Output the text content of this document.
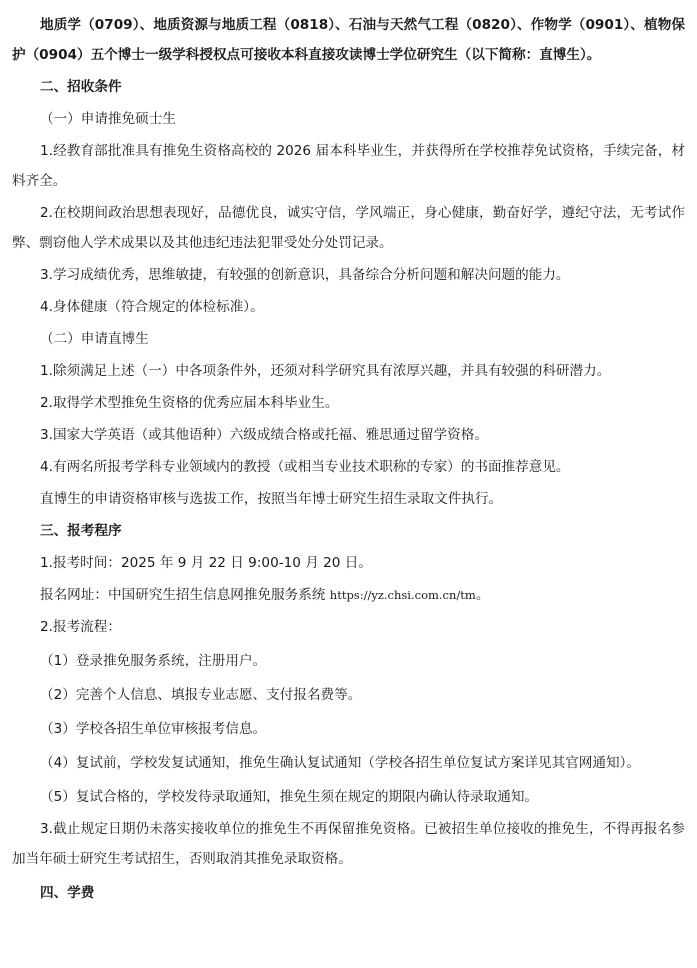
地质学（0709）、地质资源与地质工程（0818）、石油与天然气工程（0820）、作物学（0901）、植物保护（0904）五个博士一级学科授权点可接收本科直接攻读博士学位研究生（以下简称：直博生）。

二、招收条件

（一）申请推免硕士生

1.经教育部批准具有推免生资格高校的 2026 届本科毕业生，并获得所在学校推荐免试资格，手续完备，材料齐全。

2.在校期间政治思想表现好，品德优良，诚实守信，学风端正，身心健康，勤奋好学，遵纪守法，无考试作弊、剽窃他人学术成果以及其他违纪违法犯罪受处分处罚记录。

3.学习成绩优秀，思维敏捷，有较强的创新意识，具备综合分析问题和解决问题的能力。

4.身体健康（符合规定的体检标准）。

（二）申请直博生

1.除须满足上述（一）中各项条件外，还须对科学研究具有浓厚兴趣，并具有较强的科研潜力。

2.取得学术型推免生资格的优秀应届本科毕业生。

3.国家大学英语（或其他语种）六级成绩合格或托福、雅思通过留学资格。

4.有两名所报考学科专业领域内的教授（或相当专业技术职称的专家）的书面推荐意见。

直博生的申请资格审核与选拔工作，按照当年博士研究生招生录取文件执行。

三、报考程序

1.报考时间：2025 年 9 月 22 日 9:00-10 月 20 日。

报名网址：中国研究生招生信息网推免服务系统 https://yz.chsi.com.cn/tm。

2.报考流程：

（1）登录推免服务系统，注册用户。

（2）完善个人信息、填报专业志愿、支付报名费等。

（3）学校各招生单位审核报考信息。

（4）复试前，学校发复试通知，推免生确认复试通知（学校各招生单位复试方案详见其官网通知）。

（5）复试合格的，学校发待录取通知，推免生须在规定的期限内确认待录取通知。

3.截止规定日期仍未落实接收单位的推免生不再保留推免资格。已被招生单位接收的推免生，不得再报名参加当年硕士研究生考试招生，否则取消其推免录取资格。

四、学费
